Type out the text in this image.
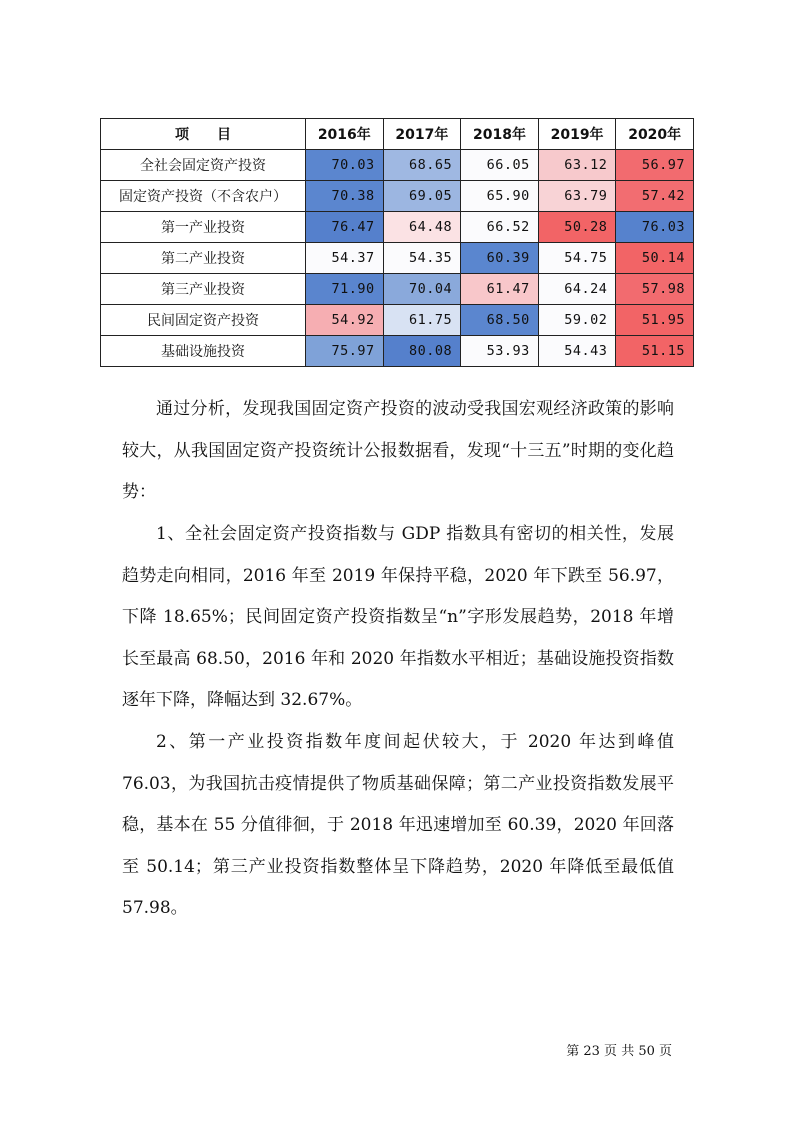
项　　目	2016年	2017年	2018年	2019年	2020年
全社会固定资产投资	70.03	68.65	66.05	63.12	56.97
固定资产投资（不含农户）	70.38	69.05	65.90	63.79	57.42
第一产业投资	76.47	64.48	66.52	50.28	76.03
第二产业投资	54.37	54.35	60.39	54.75	50.14
第三产业投资	71.90	70.04	61.47	64.24	57.98
民间固定资产投资	54.92	61.75	68.50	59.02	51.95
基础设施投资	75.97	80.08	53.93	54.43	51.15

通过分析，发现我国固定资产投资的波动受我国宏观经济政策的影响较大，从我国固定资产投资统计公报数据看，发现“十三五”时期的变化趋势：

1、全社会固定资产投资指数与 GDP 指数具有密切的相关性，发展趋势走向相同，2016 年至 2019 年保持平稳，2020 年下跌至 56.97，下降 18.65%；民间固定资产投资指数呈“n”字形发展趋势，2018 年增长至最高 68.50，2016 年和 2020 年指数水平相近；基础设施投资指数逐年下降，降幅达到 32.67%。

2、第一产业投资指数年度间起伏较大，于 2020 年达到峰值 76.03，为我国抗击疫情提供了物质基础保障；第二产业投资指数发展平稳，基本在 55 分值徘徊，于 2018 年迅速增加至 60.39，2020 年回落至 50.14；第三产业投资指数整体呈下降趋势，2020 年降低至最低值 57.98。

第 23 页 共 50 页
